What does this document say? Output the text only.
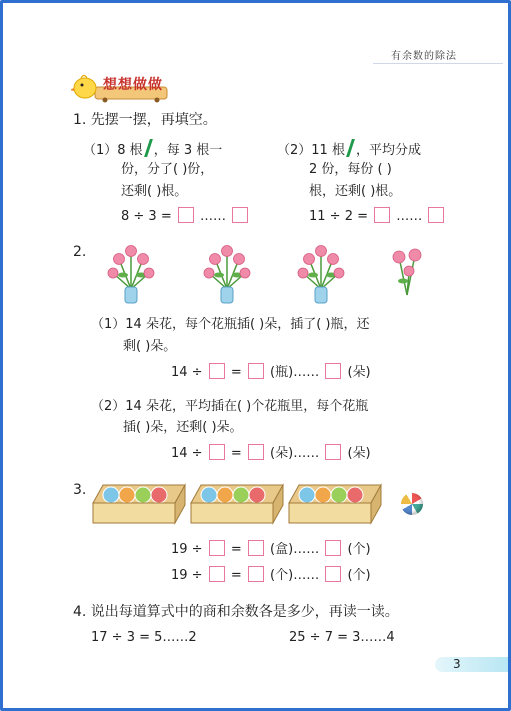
有余数的除法
想想做做
1. 先摆一摆，再填空。
（1）8 根 ，每 3 根一
份，分了( )份，
还剩( )根。
8 ÷ 3 = ……
（2）11 根 ，平均分成
2 份，每份 ( )
根，还剩( )根。
11 ÷ 2 = ……
2.
（1）14 朵花，每个花瓶插( )朵，插了( )瓶，还
剩( )朵。
14 ÷ = (瓶)…… (朵)
（2）14 朵花，平均插在( )个花瓶里，每个花瓶
插( )朵，还剩( )朵。
14 ÷ = (朵)…… (朵)
3.
19 ÷ = (盒)…… (个)
19 ÷ = (个)…… (个)
4. 说出每道算式中的商和余数各是多少，再读一读。
17 ÷ 3 = 5……2	25 ÷ 7 = 3……4
3
